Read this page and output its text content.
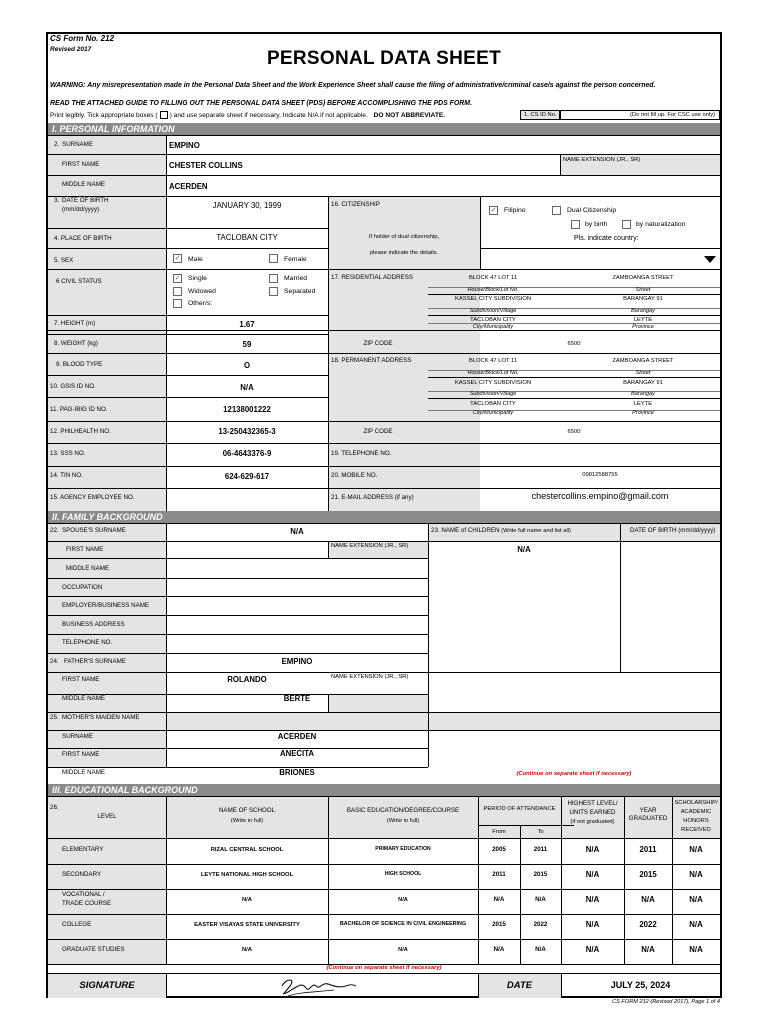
CS Form No. 212
Revised 2017	PERSONAL DATA SHEET
WARNING: Any misrepresentation made in the Personal Data Sheet and the Work Experience Sheet shall cause the filing of administrative/criminal case/s against the person concerned.
READ THE ATTACHED GUIDE TO FILLING OUT THE PERSONAL DATA SHEET (PDS) BEFORE ACCOMPLISHING THE PDS FORM.
Print legibly. Tick appropriate boxes ( ) and use separate sheet if necessary. Indicate N/A if not applicable. DO NOT ABBREVIATE.	1. CS ID No.	(Do not fill up. For CSC use only)
I. PERSONAL INFORMATION
2. SURNAME	EMPINO
FIRST NAME	CHESTER COLLINS
NAME EXTENSION (JR., SR)
MIDDLE NAME	ACERDEN
3. DATE OF BIRTH
(mm/dd/yyyy)	JANUARY 30, 1999	16. CITIZENSHIP
✓ Filipino	Dual Citizenship
by birth	by naturalization
Pls. indicate country:
If holder of dual citizenship,
please indicate the details.
4. PLACE OF BIRTH	TACLOBAN CITY
5. SEX	✓ Male	Female
6 CIVIL STATUS	✓ Single	Married
Widowed	Separated
Other/s:
17. RESIDENTIAL ADDRESS	BLOCK 47 LOT 11	ZAMBOANGA STREET
House/Block/Lot No.	Street
KASSEL CITY SUBDIVISION	BARANGAY 91
Subdivision/Village	Barangay
TACLOBAN CITY	LEYTE
City/Municipality	Province
ZIP CODE	6500
7. HEIGHT (m)	1.67
8. WEIGHT (kg)	59
9. BLOOD TYPE	O
18. PERMANENT ADDRESS	BLOCK 47 LOT 11	ZAMBOANGA STREET
House/Block/Lot No.	Street
KASSEL CITY SUBDIVISION	BARANGAY 91
Subdivision/Village	Barangay
TACLOBAN CITY	LEYTE
City/Municipality	Province
ZIP CODE	6500
10. GSIS ID NO.	N/A
11. PAG-IBIG ID NO.	12138001222
12. PHILHEALTH NO.	13-250432365-3
13. SSS NO.	06-4643376-9	19. TELEPHONE NO.
14. TIN NO.	624-629-617	20. MOBILE NO.	09812588755
15. AGENCY EMPLOYEE NO.	21. E-MAIL ADDRESS (if any)	chestercollins.empino@gmail.com
II. FAMILY BACKGROUND
22. SPOUSE'S SURNAME	N/A
FIRST NAME	NAME EXTENSION (JR., SR)
MIDDLE NAME
OCCUPATION
EMPLOYER/BUSINESS NAME
BUSINESS ADDRESS
TELEPHONE NO.
23. NAME of CHILDREN (Write full name and list all)	DATE OF BIRTH (mm/dd/yyyy)
N/A
24. FATHER'S SURNAME	EMPINO
FIRST NAME	ROLANDO	NAME EXTENSION (JR., SR)
MIDDLE NAME	BERTE
25. MOTHER'S MAIDEN NAME
SURNAME	ACERDEN
FIRST NAME	ANECITA
MIDDLE NAME	BRIONES	(Continue on separate sheet if necessary)
III. EDUCATIONAL BACKGROUND
26.
LEVEL
NAME OF SCHOOL
(Write in full)
BASIC EDUCATION/DEGREE/COURSE
(Write in full)
PERIOD OF ATTENDANCE
From	To
HIGHEST LEVEL/
UNITS EARNED
(if not graduated)
YEAR
GRADUATED
SCHOLARSHIP/
ACADEMIC
HONORS
RECEIVED
ELEMENTARY	RIZAL CENTRAL SCHOOL	PRIMARY EDUCATION	2005	2011	N/A	2011	N/A
SECONDARY	LEYTE NATIONAL HIGH SCHOOL	HIGH SCHOOL	2011	2015	N/A	2015	N/A
VOCATIONAL /
TRADE COURSE	N/A	N/A	N/A	N/A	N/A	N/A	N/A
COLLEGE	EASTER VISAYAS STATE UNIVERSITY	BACHELOR OF SCIENCE IN CIVIL ENGINEERING	2015	2022	N/A	2022	N/A
GRADUATE STUDIES	N/A	N/A	N/A	N/A	N/A	N/A	N/A
(Continue on separate sheet if necessary)
SIGNATURE	DATE	JULY 25, 2024
CS FORM 212 (Revised 2017), Page 1 of 4
